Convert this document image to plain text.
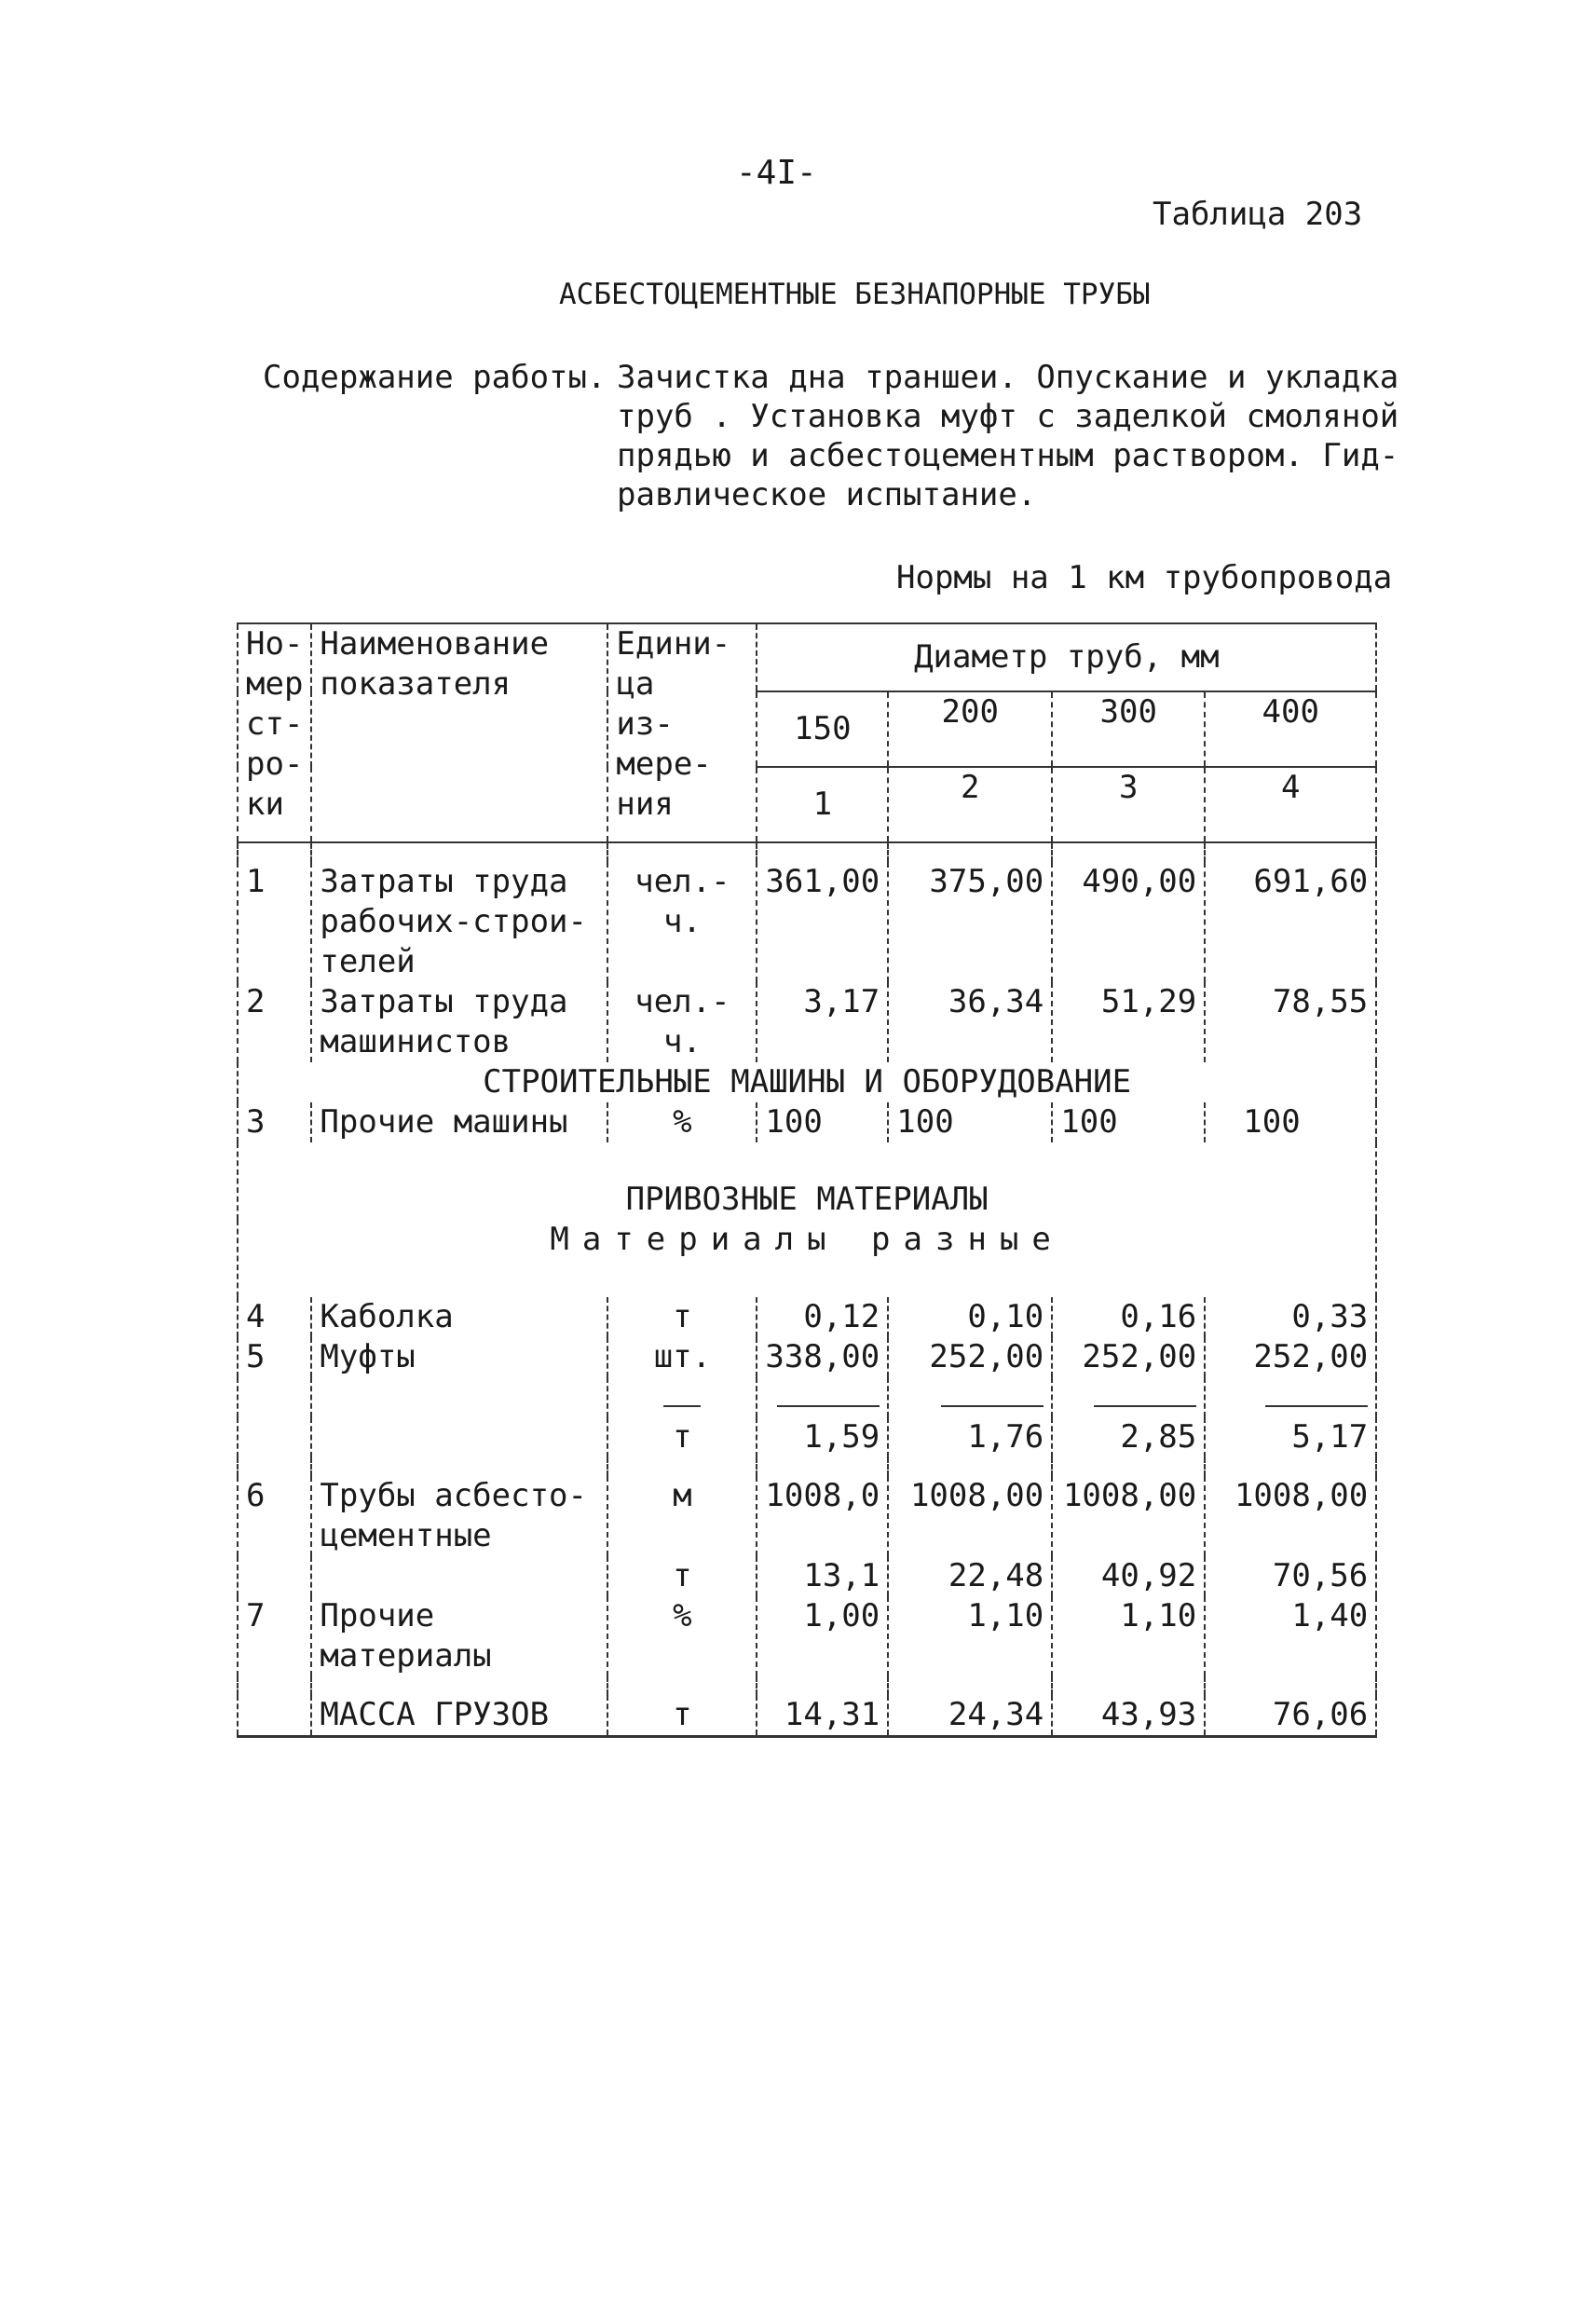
-4I-
Таблица 203
АСБЕСТОЦЕМЕНТНЫЕ БЕЗНАПОРНЫЕ ТРУБЫ
Содержание работы. Зачистка дна траншеи. Опускание и укладка
труб . Установка муфт с заделкой смоляной
прядью и асбестоцементным раствором. Гид-
равлическое испытание.
Нормы на 1 км трубопровода
Но- мер ст- ро- ки	Наименование показателя	Едини- ца из- мере- ния	Диаметр труб, мм			
			150	200	300	400
			1	2	3	4

1	Затраты труда рабочих-строи- телей	чел.-ч.	361,00	375,00	490,00	691,60
2	Затраты труда машинистов	чел.-ч.	3,17	36,34	51,29	78,55
СТРОИТЕЛЬНЫЕ МАШИНЫ И ОБОРУДОВАНИЕ						
3	Прочие машины	%	100	100	100	100
ПРИВОЗНЫЕ МАТЕРИАЛЫ						
Материалы разные						
4	Каболка	т	0,12	0,10	0,16	0,33
5	Муфты	шт.	338,00	252,00	252,00	252,00

		т	1,59	1,76	2,85	5,17

6	Трубы асбесто- цементные	м	1008,0	1008,00	1008,00	1008,00
		т	13,1	22,48	40,92	70,56
7	Прочие материалы	%	1,00	1,10	1,10	1,40

	МАССА ГРУЗОВ	т	14,31	24,34	43,93	76,06
